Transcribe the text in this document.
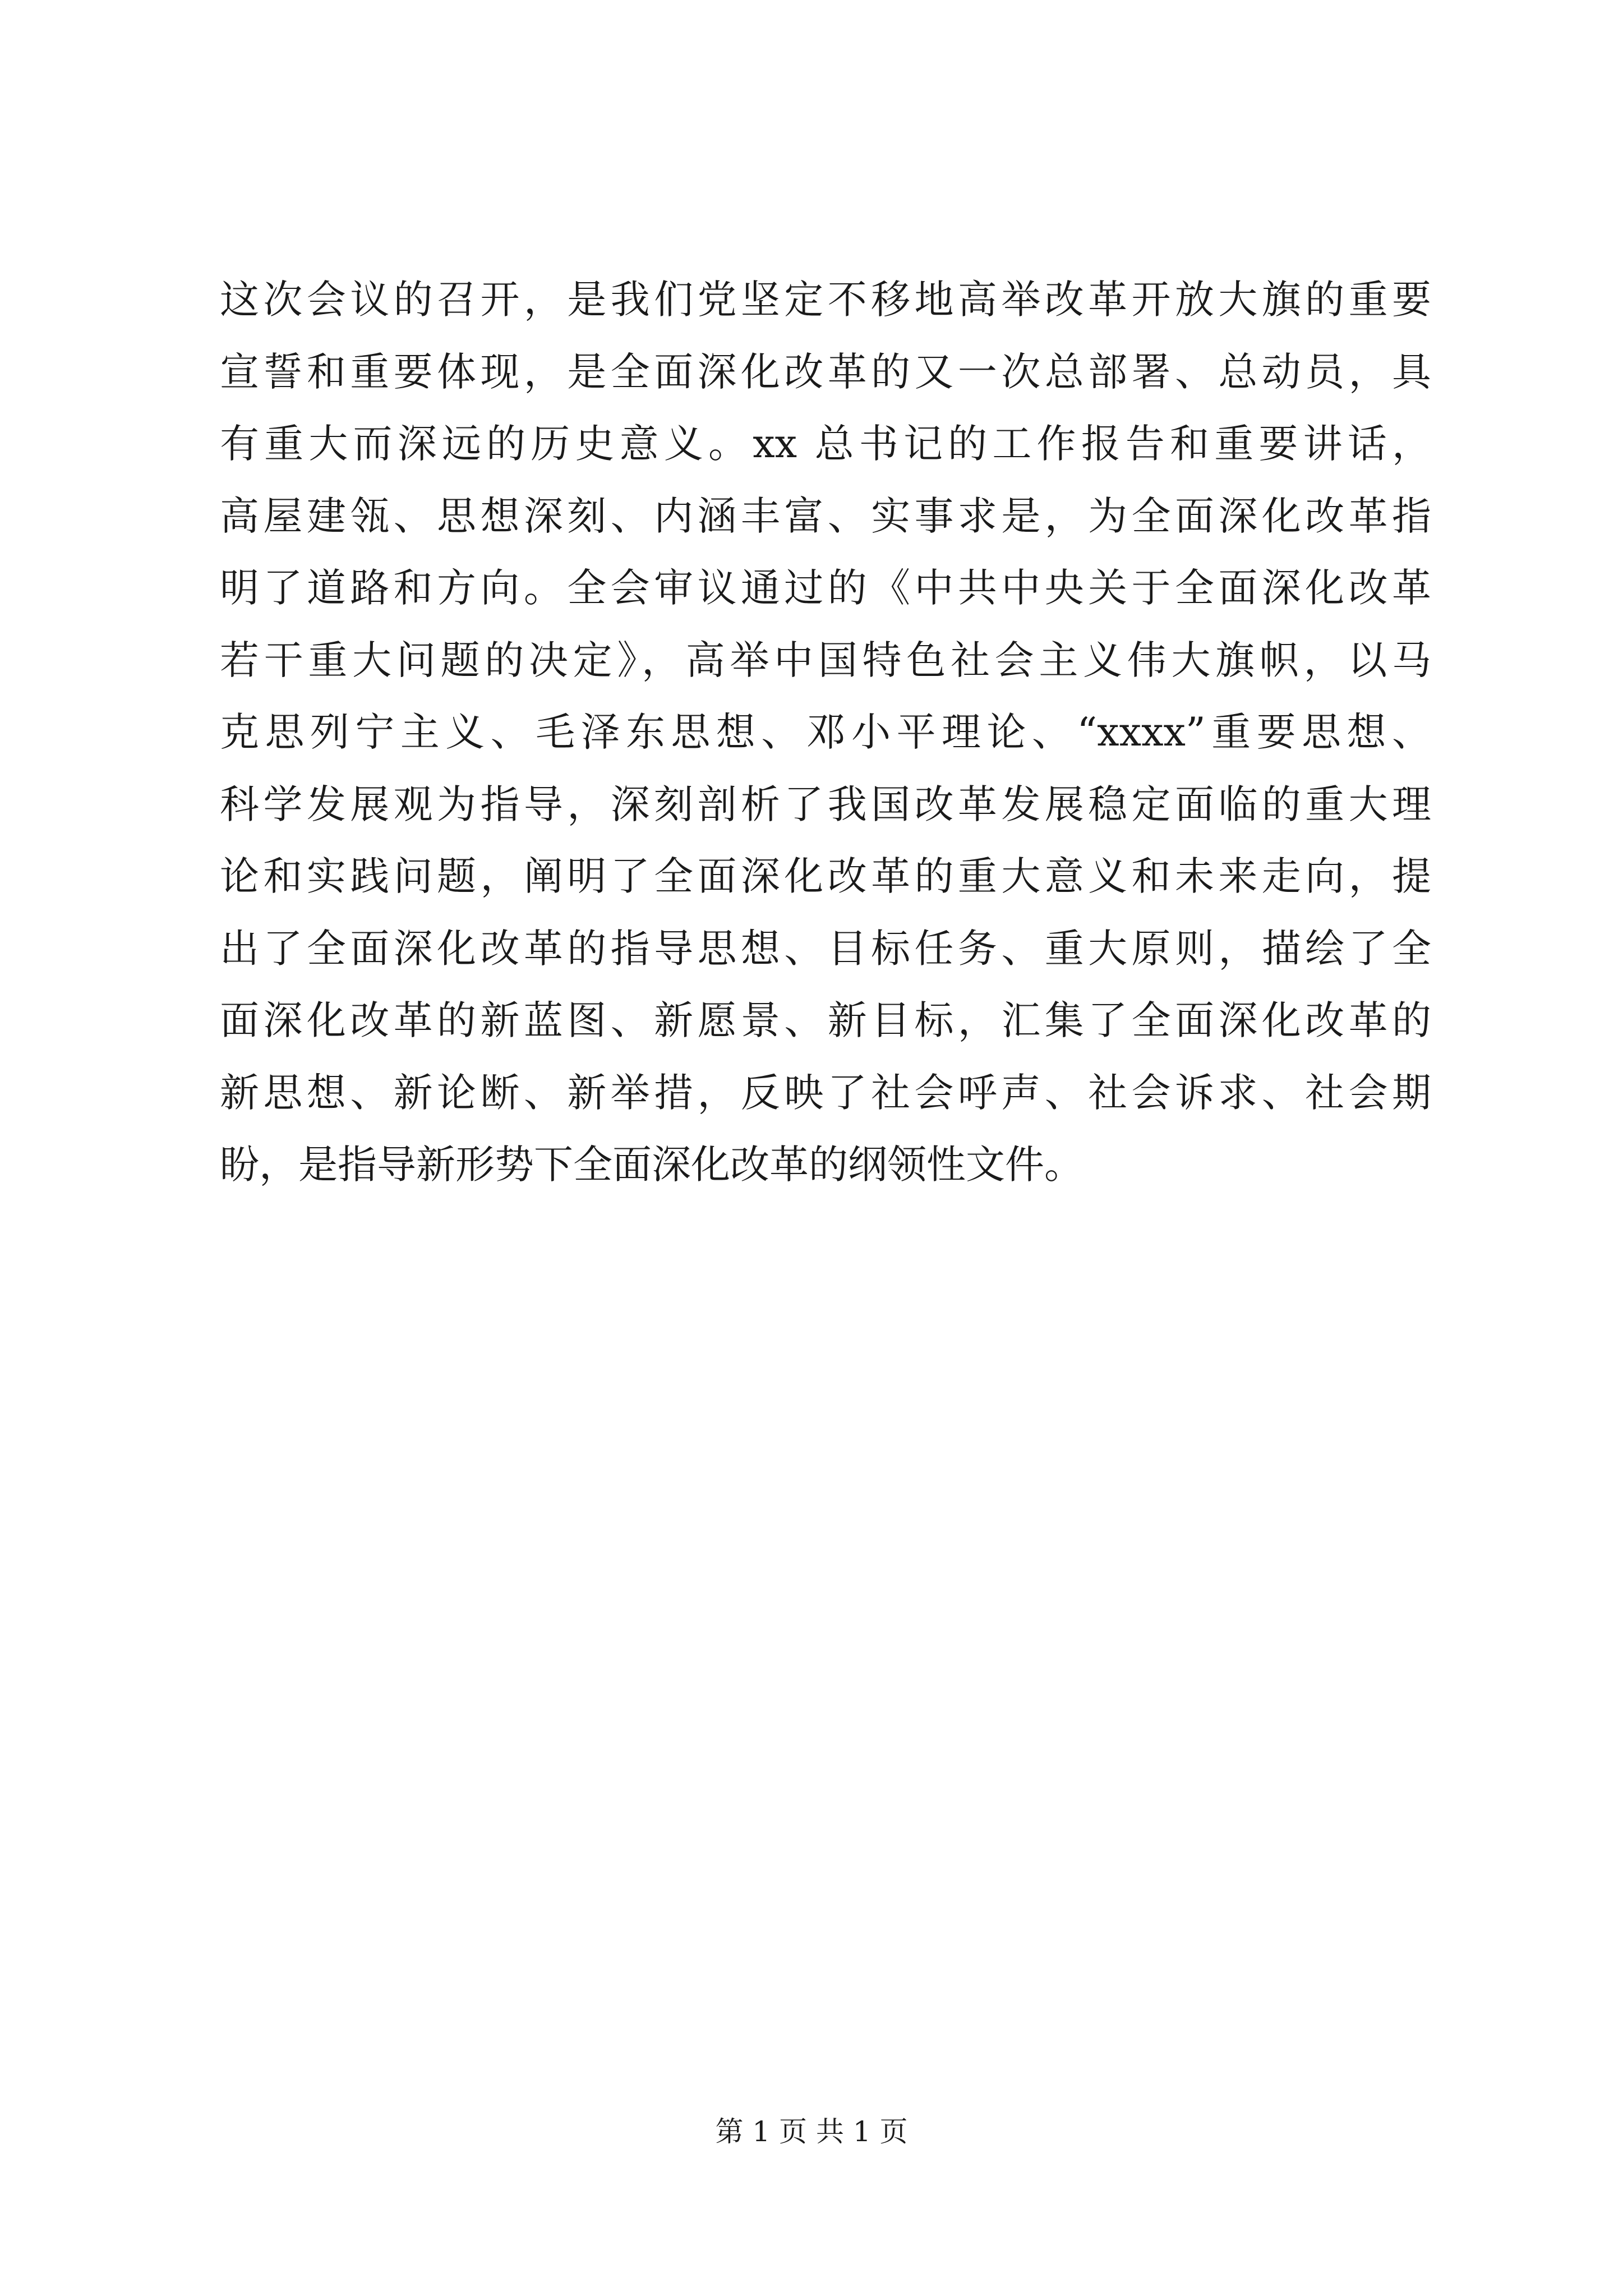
这次会议的召开，是我们党坚定不移地高举改革开放大旗的重要
宣誓和重要体现，是全面深化改革的又一次总部署、总动员，具
有重大而深远的历史意义。xx 总书记的工作报告和重要讲话，
高屋建瓴、思想深刻、内涵丰富、实事求是，为全面深化改革指
明了道路和方向。全会审议通过的《中共中央关于全面深化改革
若干重大问题的决定》，高举中国特色社会主义伟大旗帜，以马
克思列宁主义、毛泽东思想、邓小平理论、“xxxx”重要思想、
科学发展观为指导，深刻剖析了我国改革发展稳定面临的重大理
论和实践问题，阐明了全面深化改革的重大意义和未来走向，提
出了全面深化改革的指导思想、目标任务、重大原则，描绘了全
面深化改革的新蓝图、新愿景、新目标，汇集了全面深化改革的
新思想、新论断、新举措，反映了社会呼声、社会诉求、社会期
盼，是指导新形势下全面深化改革的纲领性文件。
第 1 页 共 1 页
